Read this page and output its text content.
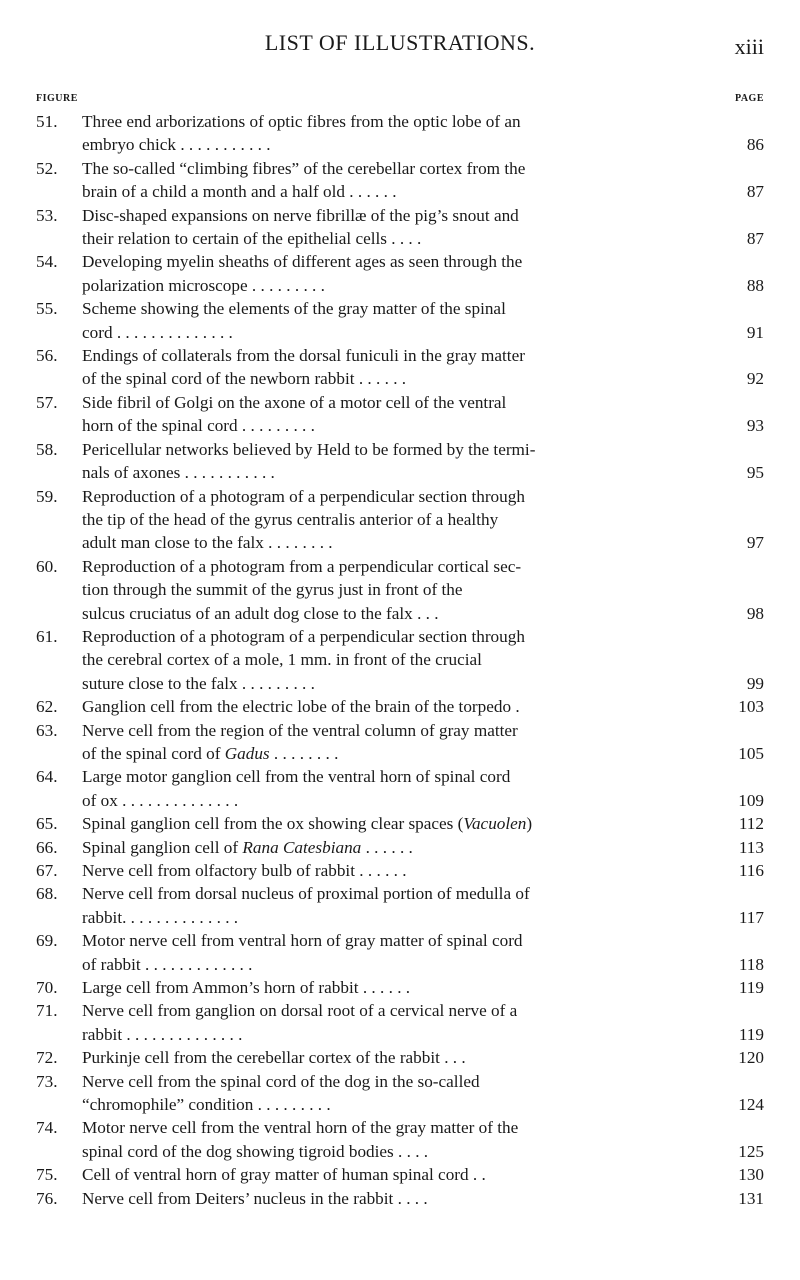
LIST OF ILLUSTRATIONS.	xiii
FIGURE	PAGE
51. Three end arborizations of optic fibres from the optic lobe of an
embryo chick . . . . . . . . . . .	86
52. The so-called “climbing fibres” of the cerebellar cortex from the
brain of a child a month and a half old . . . . . .	87
53. Disc-shaped expansions on nerve fibrillæ of the pig’s snout and
their relation to certain of the epithelial cells . . . .	87
54. Developing myelin sheaths of different ages as seen through the
polarization microscope . . . . . . . . .	88
55. Scheme showing the elements of the gray matter of the spinal
cord . . . . . . . . . . . . . .	91
56. Endings of collaterals from the dorsal funiculi in the gray matter
of the spinal cord of the newborn rabbit . . . . . .	92
57. Side fibril of Golgi on the axone of a motor cell of the ventral
horn of the spinal cord . . . . . . . . .	93
58. Pericellular networks believed by Held to be formed by the termi-
nals of axones . . . . . . . . . . .	95
59. Reproduction of a photogram of a perpendicular section through
the tip of the head of the gyrus centralis anterior of a healthy
adult man close to the falx . . . . . . . .	97
60. Reproduction of a photogram from a perpendicular cortical sec-
tion through the summit of the gyrus just in front of the
sulcus cruciatus of an adult dog close to the falx . . .	98
61. Reproduction of a photogram of a perpendicular section through
the cerebral cortex of a mole, 1 mm. in front of the crucial
suture close to the falx . . . . . . . . .	99
62. Ganglion cell from the electric lobe of the brain of the torpedo .	103
63. Nerve cell from the region of the ventral column of gray matter
of the spinal cord of Gadus . . . . . . . .	105
64. Large motor ganglion cell from the ventral horn of spinal cord
of ox . . . . . . . . . . . . . .	109
65. Spinal ganglion cell from the ox showing clear spaces (Vacuolen)	112
66. Spinal ganglion cell of Rana Catesbiana . . . . . .	113
67. Nerve cell from olfactory bulb of rabbit . . . . . .	116
68. Nerve cell from dorsal nucleus of proximal portion of medulla of
rabbit. . . . . . . . . . . . . .	117
69. Motor nerve cell from ventral horn of gray matter of spinal cord
of rabbit . . . . . . . . . . . . .	118
70. Large cell from Ammon’s horn of rabbit . . . . . .	119
71. Nerve cell from ganglion on dorsal root of a cervical nerve of a
rabbit . . . . . . . . . . . . . .	119
72. Purkinje cell from the cerebellar cortex of the rabbit . . .	120
73. Nerve cell from the spinal cord of the dog in the so-called
“chromophile” condition . . . . . . . . .	124
74. Motor nerve cell from the ventral horn of the gray matter of the
spinal cord of the dog showing tigroid bodies . . . .	125
75. Cell of ventral horn of gray matter of human spinal cord . .	130
76. Nerve cell from Deiters’ nucleus in the rabbit . . . .	131
